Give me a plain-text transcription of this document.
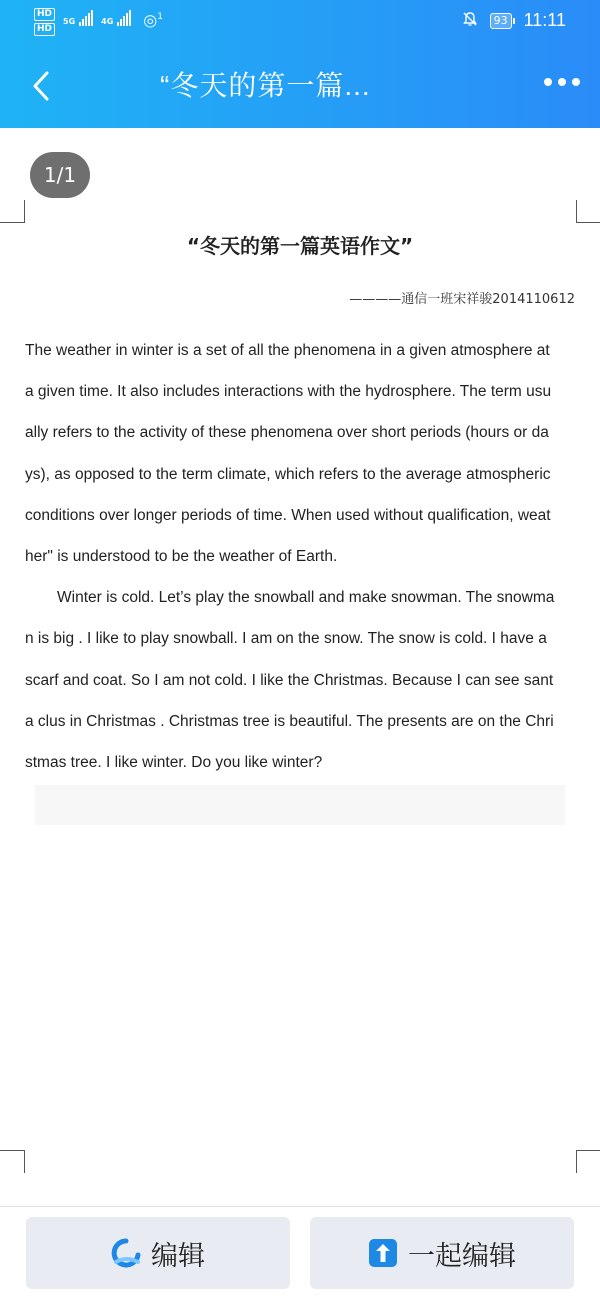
HD
HD
5G	4G ◎$^1$	93 11:11
“冬天的第一篇...
1/1
“冬天的第一篇英语作文”
————通信一班宋祥骏2014110612

The weather in winter is a set of all the phenomena in a given atmosphere at a given time. It also includes interactions with the hydrosphere. The term usually refers to the activity of these phenomena over short periods (hours or days), as opposed to the term climate, which refers to the average atmospheric conditions over longer periods of time. When used without qualification, weather" is understood to be the weather of Earth.

Winter is cold. Let’s play the snowball and make snowman. The snowman is big . I like to play snowball. I am on the snow. The snow is cold. I have a scarf and coat. So I am not cold. I like the Christmas. Because I can see santa clus in Christmas . Christmas tree is beautiful. The presents are on the Christmas tree. I like winter. Do you like winter?

编辑	一起编辑
